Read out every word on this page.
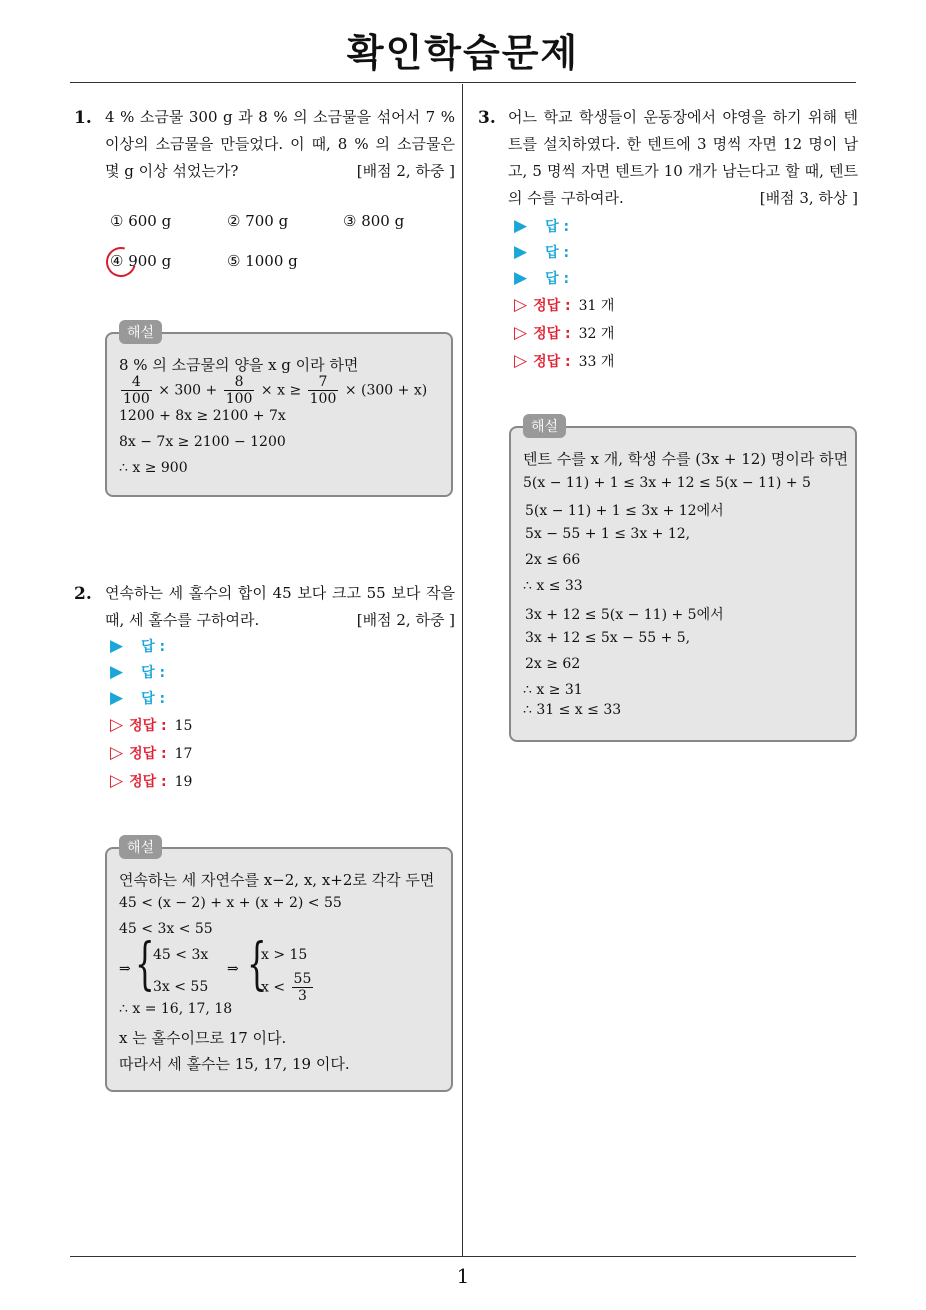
확인학습문제
1
1. 4 % 소금물 300 g 과 8 % 의 소금물을 섞어서 7 % 이상의 소금물을 만들었다. 이 때, 8 % 의 소금물은 몇 g 이상 섞었는가?	[배점 2, 하중 ]
① 600 g	② 700 g	③ 800 g
④ 900 g	⑤ 1000 g
해설
8 % 의 소금물의 양을 x g 이라 하면
$\frac{4}{100} \times 300 + \frac{8}{100} \times x \ge \frac{7}{100} \times (300 + x)$
1200 + 8x ≥ 2100 + 7x
8x − 7x ≥ 2100 − 1200
∴ x ≥ 900
2. 연속하는 세 홀수의 합이 45 보다 크고 55 보다 작을 때, 세 홀수를 구하여라.	[배점 2, 하중 ]
▶ 답 :
▶ 답 :
▶ 답 :
▷ 정답 : 15
▷ 정답 : 17
▷ 정답 : 19
해설
연속하는 세 자연수를 x−2, x, x+2로 각각 두면
45 < (x − 2) + x + (x + 2) < 55
45 < 3x < 55
⇒ {
45 < 3x
3x < 55
⇒ {
x > 15
$x < \frac{55}{3}$
∴ x = 16, 17, 18
x 는 홀수이므로 17 이다.
따라서 세 홀수는 15, 17, 19 이다.
3. 어느 학교 학생들이 운동장에서 야영을 하기 위해 텐트를 설치하였다. 한 텐트에 3 명씩 자면 12 명이 남고, 5 명씩 자면 텐트가 10 개가 남는다고 할 때, 텐트의 수를 구하여라.	[배점 3, 하상 ]
▶ 답 :
▶ 답 :
▶ 답 :
▷ 정답 : 31 개
▷ 정답 : 32 개
▷ 정답 : 33 개
해설
텐트 수를 x 개, 학생 수를 (3x + 12) 명이라 하면
5(x − 11) + 1 ≤ 3x + 12 ≤ 5(x − 11) + 5
5(x − 11) + 1 ≤ 3x + 12에서
5x − 55 + 1 ≤ 3x + 12,
2x ≤ 66
∴ x ≤ 33
3x + 12 ≤ 5(x − 11) + 5에서
3x + 12 ≤ 5x − 55 + 5,
2x ≥ 62
∴ x ≥ 31
∴ 31 ≤ x ≤ 33
